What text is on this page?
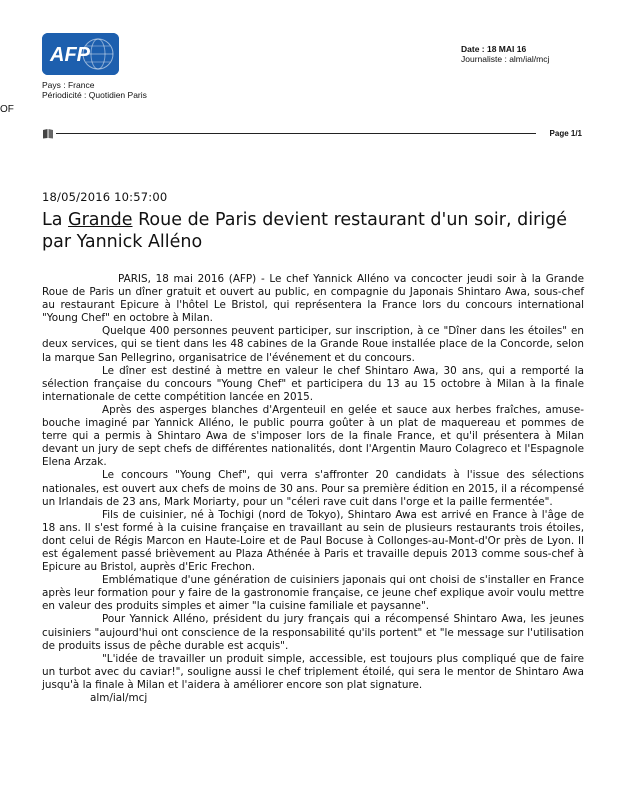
AFP
Pays : France
Périodicité : Quotidien Paris
Date : 18 MAI 16
Journaliste : alm/ial/mcj
OF
Page 1/1
18/05/2016 10:57:00
La Grande Roue de Paris devient restaurant d'un soir, dirigé par Yannick Alléno

PARIS, 18 mai 2016 (AFP) - Le chef Yannick Alléno va concocter jeudi soir à la Grande Roue de Paris un dîner gratuit et ouvert au public, en compagnie du Japonais Shintaro Awa, sous-chef au restaurant Epicure à l'hôtel Le Bristol, qui représentera la France lors du concours international "Young Chef" en octobre à Milan.

Quelque 400 personnes peuvent participer, sur inscription, à ce "Dîner dans les étoiles" en deux services, qui se tient dans les 48 cabines de la Grande Roue installée place de la Concorde, selon la marque San Pellegrino, organisatrice de l'événement et du concours.

Le dîner est destiné à mettre en valeur le chef Shintaro Awa, 30 ans, qui a remporté la sélection française du concours "Young Chef" et participera du 13 au 15 octobre à Milan à la finale internationale de cette compétition lancée en 2015.

Après des asperges blanches d'Argenteuil en gelée et sauce aux herbes fraîches, amuse-bouche imaginé par Yannick Alléno, le public pourra goûter à un plat de maquereau et pommes de terre qui a permis à Shintaro Awa de s'imposer lors de la finale France, et qu'il présentera à Milan devant un jury de sept chefs de différentes nationalités, dont l'Argentin Mauro Colagreco et l'Espagnole Elena Arzak.

Le concours "Young Chef", qui verra s'affronter 20 candidats à l'issue des sélections nationales, est ouvert aux chefs de moins de 30 ans. Pour sa première édition en 2015, il a récompensé un Irlandais de 23 ans, Mark Moriarty, pour un "céleri rave cuit dans l'orge et la paille fermentée".

Fils de cuisinier, né à Tochigi (nord de Tokyo), Shintaro Awa est arrivé en France à l'âge de 18 ans. Il s'est formé à la cuisine française en travaillant au sein de plusieurs restaurants trois étoiles, dont celui de Régis Marcon en Haute-Loire et de Paul Bocuse à Collonges-au-Mont-d'Or près de Lyon. Il est également passé brièvement au Plaza Athénée à Paris et travaille depuis 2013 comme sous-chef à Epicure au Bristol, auprès d'Eric Frechon.

Emblématique d'une génération de cuisiniers japonais qui ont choisi de s'installer en France après leur formation pour y faire de la gastronomie française, ce jeune chef explique avoir voulu mettre en valeur des produits simples et aimer "la cuisine familiale et paysanne".

Pour Yannick Alléno, président du jury français qui a récompensé Shintaro Awa, les jeunes cuisiniers "aujourd'hui ont conscience de la responsabilité qu'ils portent" et "le message sur l'utilisation de produits issus de pêche durable est acquis".

"L'idée de travailler un produit simple, accessible, est toujours plus compliqué que de faire un turbot avec du caviar!", souligne aussi le chef triplement étoilé, qui sera le mentor de Shintaro Awa jusqu'à la finale à Milan et l'aidera à améliorer encore son plat signature.

alm/ial/mcj
